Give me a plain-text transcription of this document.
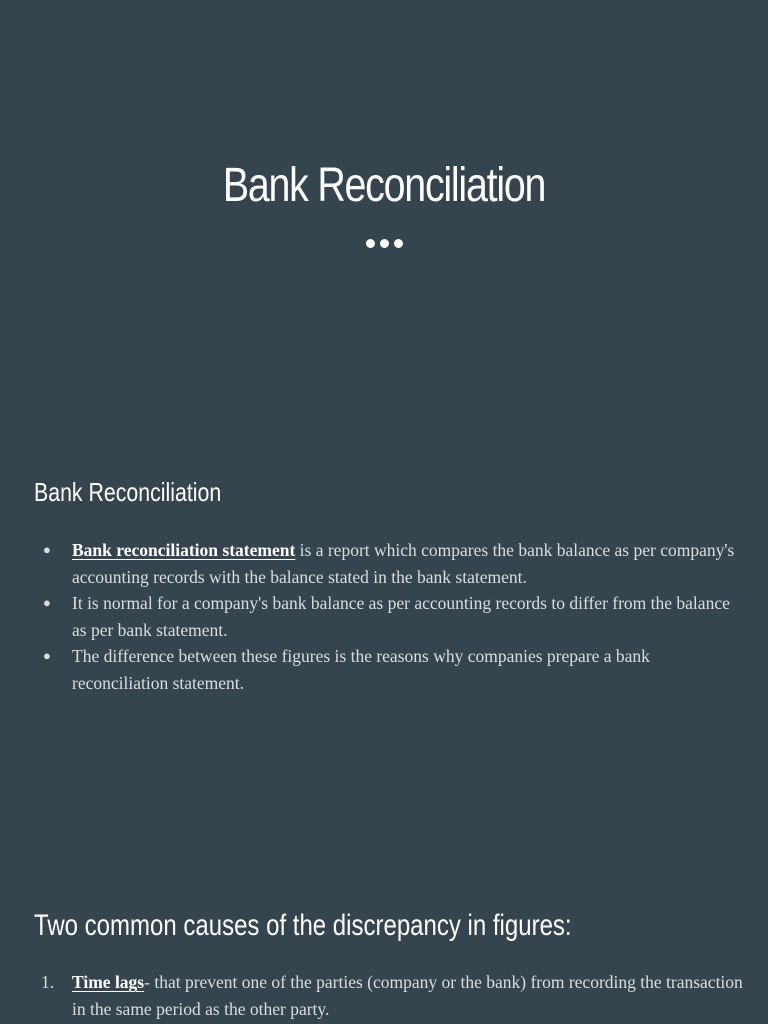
Bank Reconciliation
Bank Reconciliation
● Bank reconciliation statement is a report which compares the bank balance as per company's accounting records with the balance stated in the bank statement.
● It is normal for a company's bank balance as per accounting records to differ from the balance as per bank statement.
● The difference between these figures is the reasons why companies prepare a bank reconciliation statement.
Two common causes of the discrepancy in figures:
1. Time lags- that prevent one of the parties (company or the bank) from recording the transaction in the same period as the other party.
